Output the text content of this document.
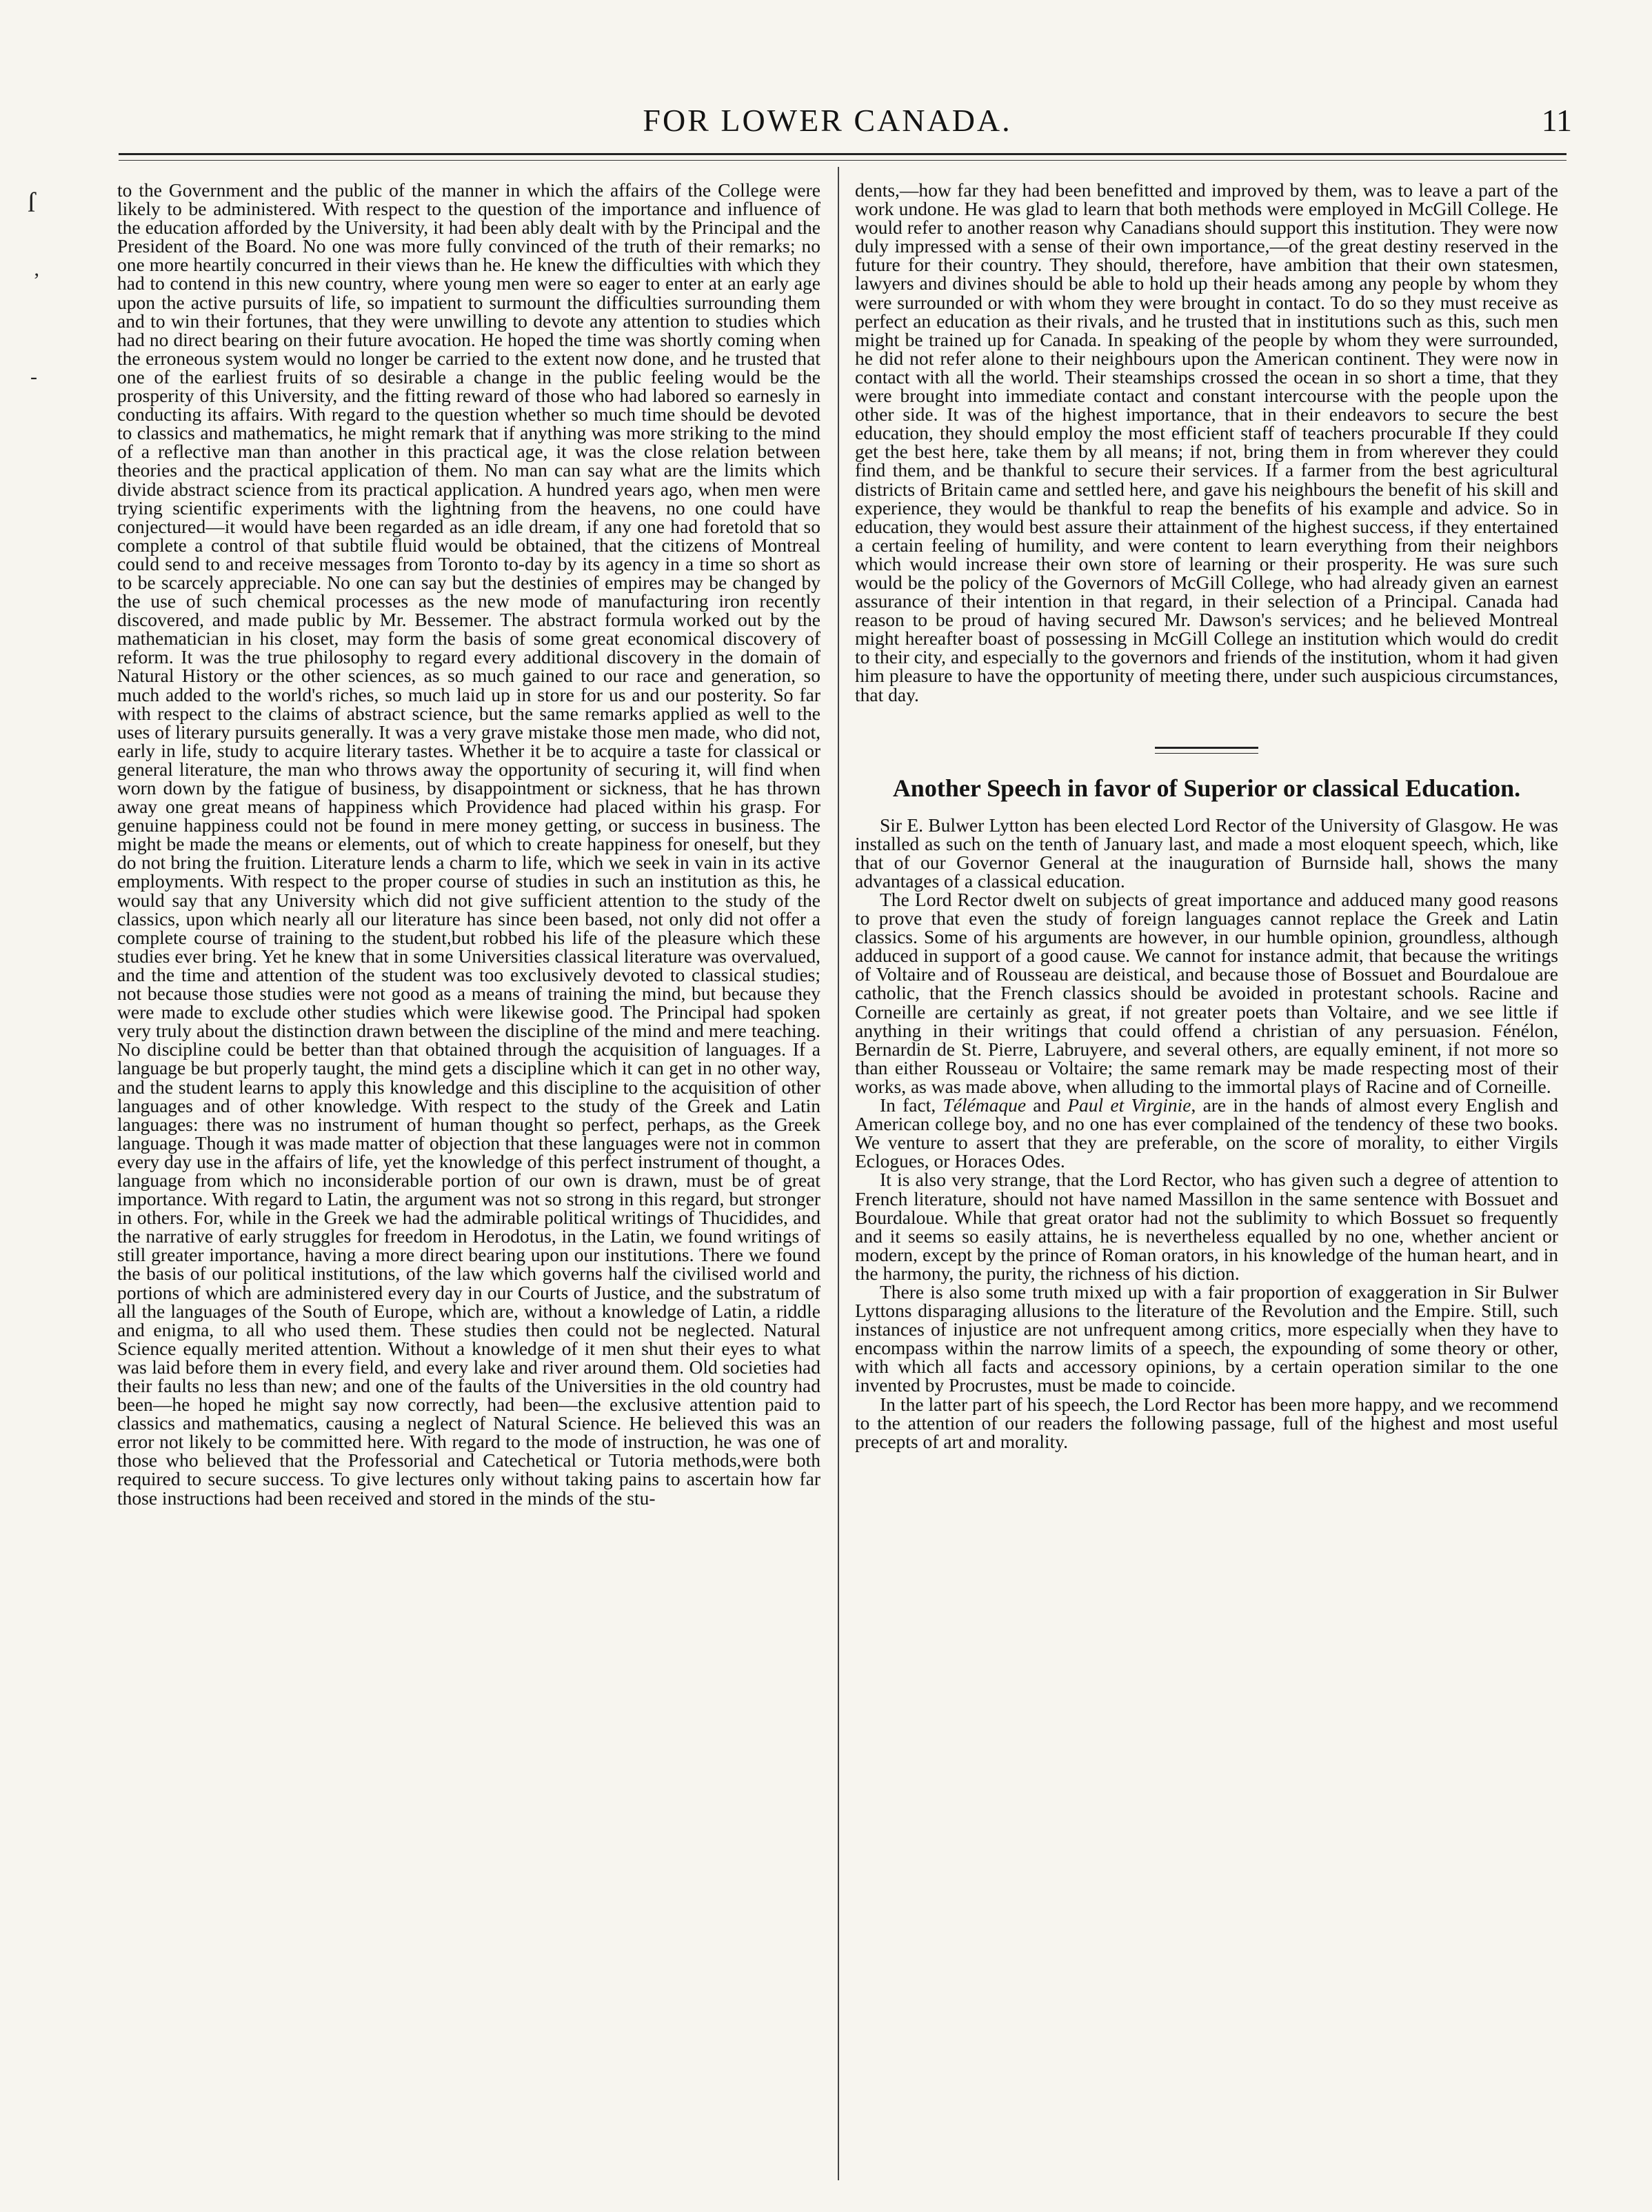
FOR LOWER CANADA.	11
ſ
’
-

to the Government and the public of the manner in which the affairs of the College were likely to be administered. With respect to the question of the importance and influence of the education afforded by the University, it had been ably dealt with by the Principal and the President of the Board. No one was more fully convinced of the truth of their remarks; no one more heartily concurred in their views than he. He knew the difficulties with which they had to contend in this new country, where young men were so eager to enter at an early age upon the active pursuits of life, so impatient to surmount the difficulties surrounding them and to win their fortunes, that they were unwilling to devote any attention to studies which had no direct bearing on their future avocation. He hoped the time was shortly coming when the erroneous system would no longer be carried to the extent now done, and he trusted that one of the earliest fruits of so desirable a change in the public feeling would be the prosperity of this University, and the fitting reward of those who had labored so earnesly in conducting its affairs. With regard to the question whether so much time should be devoted to classics and mathematics, he might remark that if anything was more striking to the mind of a reflective man than another in this practical age, it was the close relation between theories and the practical application of them. No man can say what are the limits which divide abstract science from its practical application. A hundred years ago, when men were trying scientific experiments with the lightning from the heavens, no one could have conjectured—it would have been regarded as an idle dream, if any one had foretold that so complete a control of that subtile fluid would be obtained, that the citizens of Montreal could send to and receive messages from Toronto to-day by its agency in a time so short as to be scarcely appreciable. No one can say but the destinies of empires may be changed by the use of such chemical processes as the new mode of manufacturing iron recently discovered, and made public by Mr. Bessemer. The abstract formula worked out by the mathematician in his closet, may form the basis of some great economical discovery of reform. It was the true philosophy to regard every additional discovery in the domain of Natural History or the other sciences, as so much gained to our race and generation, so much added to the world's riches, so much laid up in store for us and our posterity. So far with respect to the claims of abstract science, but the same remarks applied as well to the uses of literary pursuits generally. It was a very grave mistake those men made, who did not, early in life, study to acquire literary tastes. Whether it be to acquire a taste for classical or general literature, the man who throws away the opportunity of securing it, will find when worn down by the fatigue of business, by disappointment or sickness, that he has thrown away one great means of happiness which Providence had placed within his grasp. For genuine happiness could not be found in mere money getting, or success in business. The might be made the means or elements, out of which to create happiness for oneself, but they do not bring the fruition. Literature lends a charm to life, which we seek in vain in its active employments. With respect to the proper course of studies in such an institution as this, he would say that any University which did not give sufficient attention to the study of the classics, upon which nearly all our literature has since been based, not only did not offer a complete course of training to the student,but robbed his life of the pleasure which these studies ever bring. Yet he knew that in some Universities classical literature was overvalued, and the time and attention of the student was too exclusively devoted to classical studies; not because those studies were not good as a means of training the mind, but because they were made to exclude other studies which were likewise good. The Principal had spoken very truly about the distinction drawn between the discipline of the mind and mere teaching. No discipline could be better than that obtained through the acquisition of languages. If a language be but properly taught, the mind gets a discipline which it can get in no other way, and the student learns to apply this knowledge and this discipline to the acquisition of other languages and of other knowledge. With respect to the study of the Greek and Latin languages: there was no instrument of human thought so perfect, perhaps, as the Greek language. Though it was made matter of objection that these languages were not in common every day use in the affairs of life, yet the knowledge of this perfect instrument of thought, a language from which no inconsiderable portion of our own is drawn, must be of great importance. With regard to Latin, the argument was not so strong in this regard, but stronger in others. For, while in the Greek we had the admirable political writings of Thucidides, and the narrative of early struggles for freedom in Herodotus, in the Latin, we found writings of still greater importance, having a more direct bearing upon our institutions. There we found the basis of our political institutions, of the law which governs half the civilised world and portions of which are administered every day in our Courts of Justice, and the substratum of all the languages of the South of Europe, which are, without a knowledge of Latin, a riddle and enigma, to all who used them. These studies then could not be neglected. Natural Science equally merited attention. Without a knowledge of it men shut their eyes to what was laid before them in every field, and every lake and river around them. Old societies had their faults no less than new; and one of the faults of the Universities in the old country had been—he hoped he might say now correctly, had been—the exclusive attention paid to classics and mathematics, causing a neglect of Natural Science. He believed this was an error not likely to be committed here. With regard to the mode of instruction, he was one of those who believed that the Professorial and Catechetical or Tutoria methods,were both required to secure success. To give lectures only without taking pains to ascertain how far those instructions had been received and stored in the minds of the stu-

dents,—how far they had been benefitted and improved by them, was to leave a part of the work undone. He was glad to learn that both methods were employed in McGill College. He would refer to another reason why Canadians should support this institution. They were now duly impressed with a sense of their own importance,—of the great destiny reserved in the future for their country. They should, therefore, have ambition that their own statesmen, lawyers and divines should be able to hold up their heads among any people by whom they were surrounded or with whom they were brought in contact. To do so they must receive as perfect an education as their rivals, and he trusted that in institutions such as this, such men might be trained up for Canada. In speaking of the people by whom they were surrounded, he did not refer alone to their neighbours upon the American continent. They were now in contact with all the world. Their steamships crossed the ocean in so short a time, that they were brought into immediate contact and constant intercourse with the people upon the other side. It was of the highest importance, that in their endeavors to secure the best education, they should employ the most efficient staff of teachers procurable If they could get the best here, take them by all means; if not, bring them in from wherever they could find them, and be thankful to secure their services. If a farmer from the best agricultural districts of Britain came and settled here, and gave his neighbours the benefit of his skill and experience, they would be thankful to reap the benefits of his example and advice. So in education, they would best assure their attainment of the highest success, if they entertained a certain feeling of humility, and were content to learn everything from their neighbors which would increase their own store of learning or their prosperity. He was sure such would be the policy of the Governors of McGill College, who had already given an earnest assurance of their intention in that regard, in their selection of a Principal. Canada had reason to be proud of having secured Mr. Dawson's services; and he believed Montreal might hereafter boast of possessing in McGill College an institution which would do credit to their city, and especially to the governors and friends of the institution, whom it had given him pleasure to have the opportunity of meeting there, under such auspicious circumstances, that day.

Another Speech in favor of Superior or classical Education.

Sir E. Bulwer Lytton has been elected Lord Rector of the University of Glasgow. He was installed as such on the tenth of January last, and made a most eloquent speech, which, like that of our Governor General at the inauguration of Burnside hall, shows the many advantages of a classical education.

The Lord Rector dwelt on subjects of great importance and adduced many good reasons to prove that even the study of foreign languages cannot replace the Greek and Latin classics. Some of his arguments are however, in our humble opinion, groundless, although adduced in support of a good cause. We cannot for instance admit, that because the writings of Voltaire and of Rousseau are deistical, and because those of Bossuet and Bourdaloue are catholic, that the French classics should be avoided in protestant schools. Racine and Corneille are certainly as great, if not greater poets than Voltaire, and we see little if anything in their writings that could offend a christian of any persuasion. Fénélon, Bernardin de St. Pierre, Labruyere, and several others, are equally eminent, if not more so than either Rousseau or Voltaire; the same remark may be made respecting most of their works, as was made above, when alluding to the immortal plays of Racine and of Corneille.

In fact, Télémaque and Paul et Virginie, are in the hands of almost every English and American college boy, and no one has ever complained of the tendency of these two books. We venture to assert that they are preferable, on the score of morality, to either Virgils Eclogues, or Horaces Odes.

It is also very strange, that the Lord Rector, who has given such a degree of attention to French literature, should not have named Massillon in the same sentence with Bossuet and Bourdaloue. While that great orator had not the sublimity to which Bossuet so frequently and it seems so easily attains, he is nevertheless equalled by no one, whether ancient or modern, except by the prince of Roman orators, in his knowledge of the human heart, and in the harmony, the purity, the richness of his diction.

There is also some truth mixed up with a fair proportion of exaggeration in Sir Bulwer Lyttons disparaging allusions to the literature of the Revolution and the Empire. Still, such instances of injustice are not unfrequent among critics, more especially when they have to encompass within the narrow limits of a speech, the expounding of some theory or other, with which all facts and accessory opinions, by a certain operation similar to the one invented by Procrustes, must be made to coincide.

In the latter part of his speech, the Lord Rector has been more happy, and we recommend to the attention of our readers the following passage, full of the highest and most useful precepts of art and morality.
